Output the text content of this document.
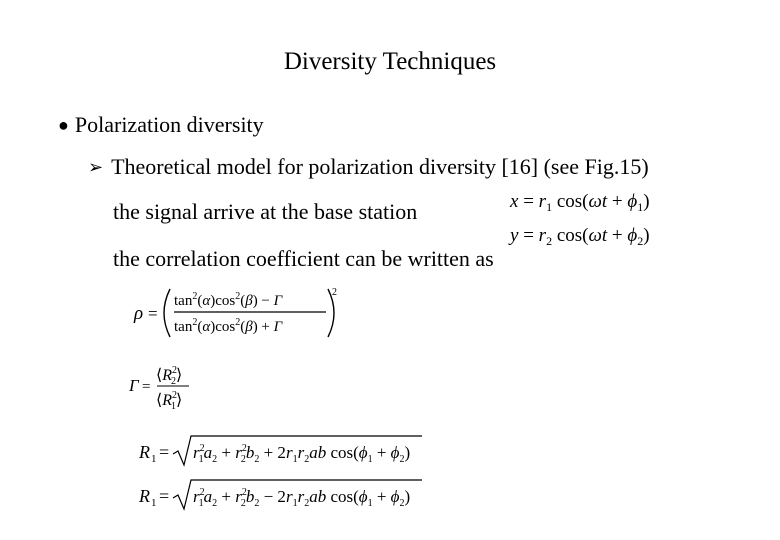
Diversity Techniques
● Polarization diversity
➢ Theoretical model for polarization diversity [16] (see Fig.15)
the signal arrive at the base station
the correlation coefficient can be written as
$x = r_1$ $\cos(\omega t + \phi_1)$
$y = r_2$ $\cos(\omega t + \phi_2)$
ρ =
$\tan^2(\alpha)\cos^2(\beta) - \Gamma$
$\tan^2(\alpha)\cos^2(\beta) + \Gamma$
2
Γ =
$⟨R^2$ 2⟩
$⟨R^2$ 1⟩
R $1 = r^2$ $1a_2 + r^2$ $2b_2 + 2r_1r_2ab$ $\cos(\phi_1 + \phi_2)$
R $1 = r^2$ $1a_2 + r^2$ $2b_2 - 2r_1r_2ab$ $\cos(\phi_1 + \phi_2)$
